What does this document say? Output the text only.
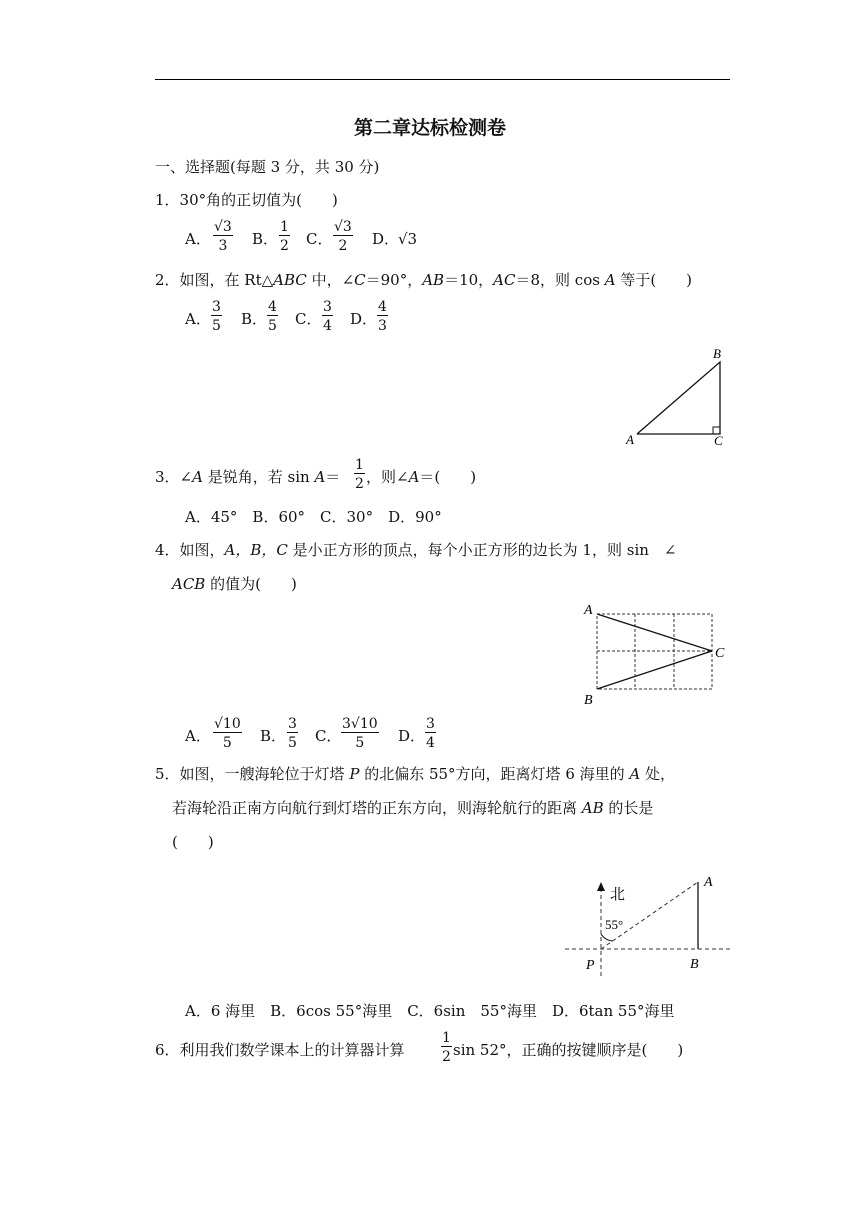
第二章达标检测卷
一、选择题(每题 3 分，共 30 分)
1．30°角的正切值为(　　)
A． $\frac{√3}{3}$ B． $\frac{1}{2}$ C． $\frac{√3}{2}$ D．
√3
2．如图，在 Rt△ABC 中，∠C＝90°，AB＝10，AC＝8，则 cos A 等于(　　)
A． $\frac{3}{5}$ B． $\frac{4}{5}$ C． $\frac{3}{4}$ D． $\frac{4}{3}$
B
A	C
3．∠A 是锐角，若 $\sin A= \frac{1}{2}$ ，则∠A＝(　　)
A．45°　B．60°　C．30°　D．90°
4．如图，A，B，C 是小正方形的顶点，每个小正方形的边长为 1，则 sin　∠
ACB 的值为(　　)
A
B
C
A． $\frac{√10}{5}$ B． $\frac{3}{5}$ C． $\frac{3√10}{5}$ D． $\frac{3}{4}$
5．如图，一艘海轮位于灯塔 P 的北偏东 55°方向，距离灯塔 6 海里的 A 处，
若海轮沿正南方向航行到灯塔的正东方向，则海轮航行的距离 AB 的长是
(　　)
北
55°
A
P	B
A．6 海里　B．6cos 55°海里　C．6sin　55°海里　D．6tan 55°海里
6．利用我们数学课本上的计算器计算	$\frac{1}{2}$ sin 52°，正确的按键顺序是(　　)
